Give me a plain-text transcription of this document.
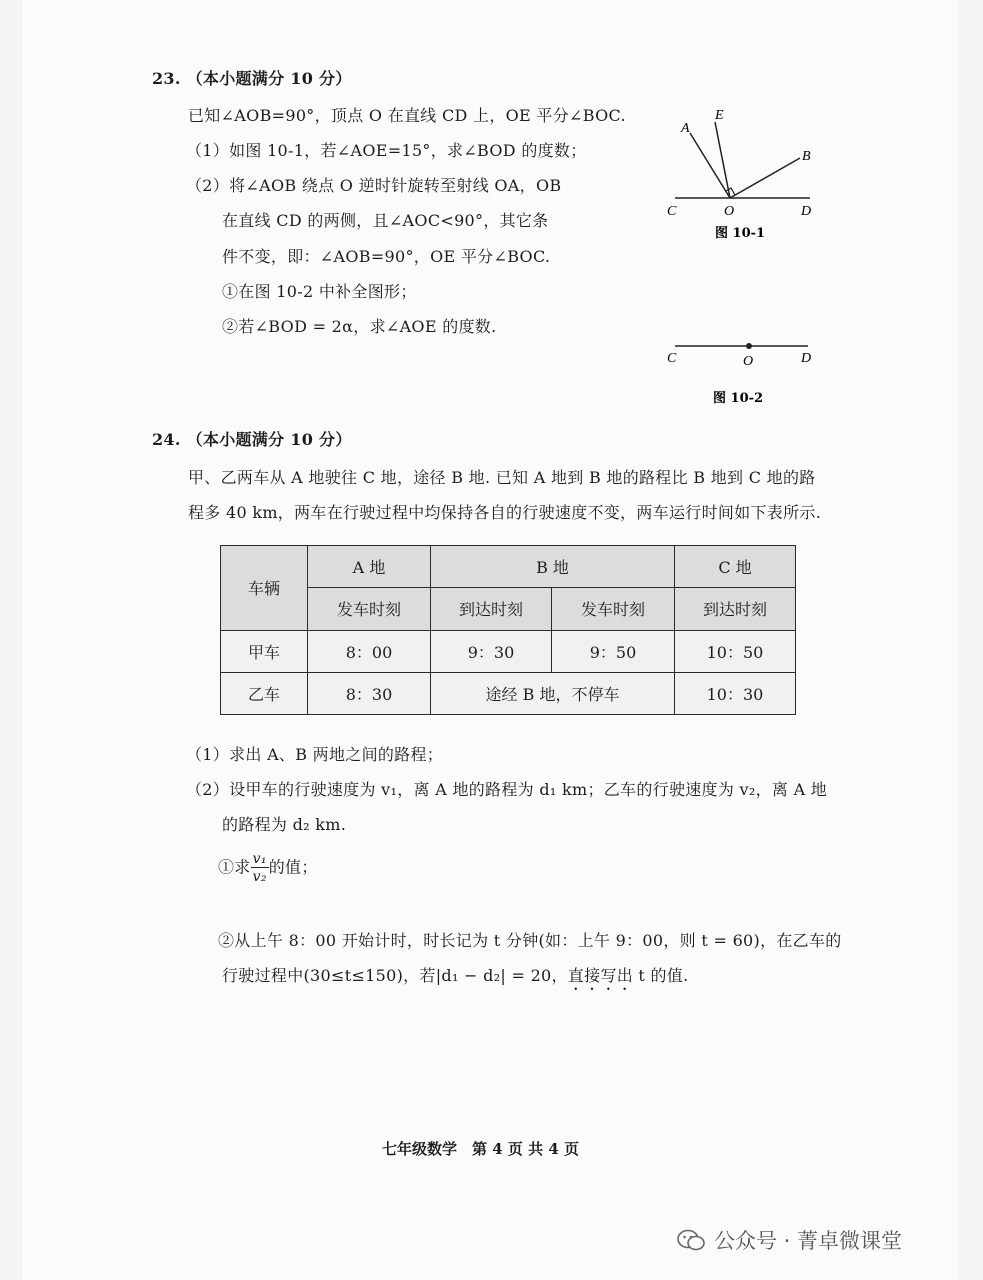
23. （本小题满分 10 分）
已知∠AOB=90°，顶点 O 在直线 CD 上，OE 平分∠BOC.
（1）如图 10-1，若∠AOE=15°，求∠BOD 的度数；
（2）将∠AOB 绕点 O 逆时针旋转至射线 OA，OB
在直线 CD 的两侧，且∠AOC<90°，其它条
件不变，即：∠AOB=90°，OE 平分∠BOC.
①在图 10-2 中补全图形；
②若∠BOD = 2α，求∠AOE 的度数.
A
E
B
C	O	D
图 10-1
C	O	D
图 10-2
24. （本小题满分 10 分）
甲、乙两车从 A 地驶往 C 地，途径 B 地. 已知 A 地到 B 地的路程比 B 地到 C 地的路
程多 40 km，两车在行驶过程中均保持各自的行驶速度不变，两车运行时间如下表所示.
车辆	A 地	B 地		C 地
	发车时刻	到达时刻	发车时刻	到达时刻
甲车	8：00	9：30	9：50	10：50
乙车	8：30	途经 B 地，不停车		10：30
（1）求出 A、B 两地之间的路程；
（2）设甲车的行驶速度为 v₁，离 A 地的路程为 d₁ km；乙车的行驶速度为 v₂，离 A 地
的路程为 d₂ km.
①求 $\frac{\text{v₁}}{\text{v₂}}$ 的值；
②从上午 8：00 开始计时，时长记为 t 分钟(如：上午 9：00，则 t = 60)，在乙车的
行驶过程中(30≤t≤150)，若|d₁ − d₂| = 20，直接写出 t 的值.
七年级数学　第 4 页 共 4 页
公众号 · 菁卓微课堂
